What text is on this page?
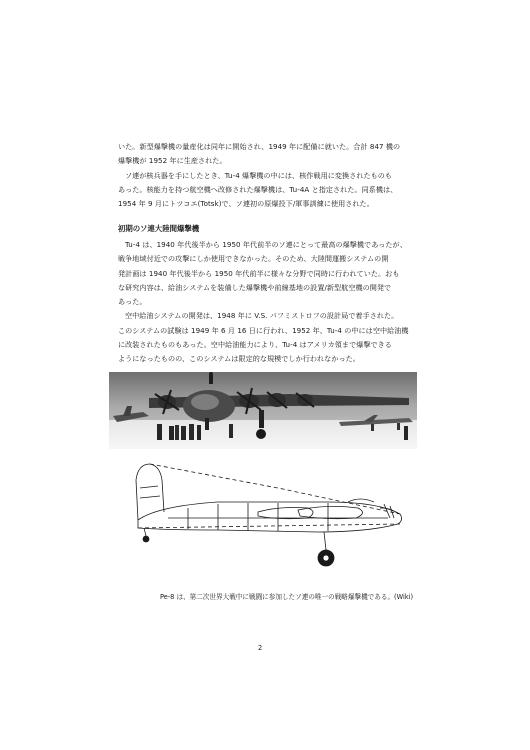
いた。新型爆撃機の量産化は同年に開始され、1949 年に配備に就いた。合計 847 機の
爆撃機が 1952 年に生産された。

ソ連が核兵器を手にしたとき、Tu-4 爆撃機の中には、核作戦用に変換されたものも
あった。核能力を持つ航空機へ改修された爆撃機は、Tu-4A と指定された。同系機は、
1954 年 9 月にトツコエ(Totsk)で、ソ連初の原爆投下/軍事訓練に使用された。

初期のソ連大陸間爆撃機

Tu-4 は、1940 年代後半から 1950 年代前半のソ連にとって最高の爆撃機であったが、
戦争地域付近での攻撃にしか使用できなかった。そのため、大陸間運搬システムの開
発計画は 1940 年代後半から 1950 年代前半に様々な分野で同時に行われていた。おも
な研究内容は、給油システムを装備した爆撃機や前線基地の設置/新型航空機の開発で
あった。

空中給油システムの開発は、1948 年に V.S. バフミストロフの設計局で着手された。
このシステムの試験は 1949 年 6 月 16 日に行われ、1952 年、Tu-4 の中には空中給油機
に改装されたものもあった。空中給油能力により、Tu-4 はアメリカ領まで爆撃できる
ようになったものの、このシステムは限定的な規模でしか行われなかった。

Pe-8 は、第二次世界大戦中に戦闘に参加したソ連の唯一の戦略爆撃機である。(Wiki)
2
